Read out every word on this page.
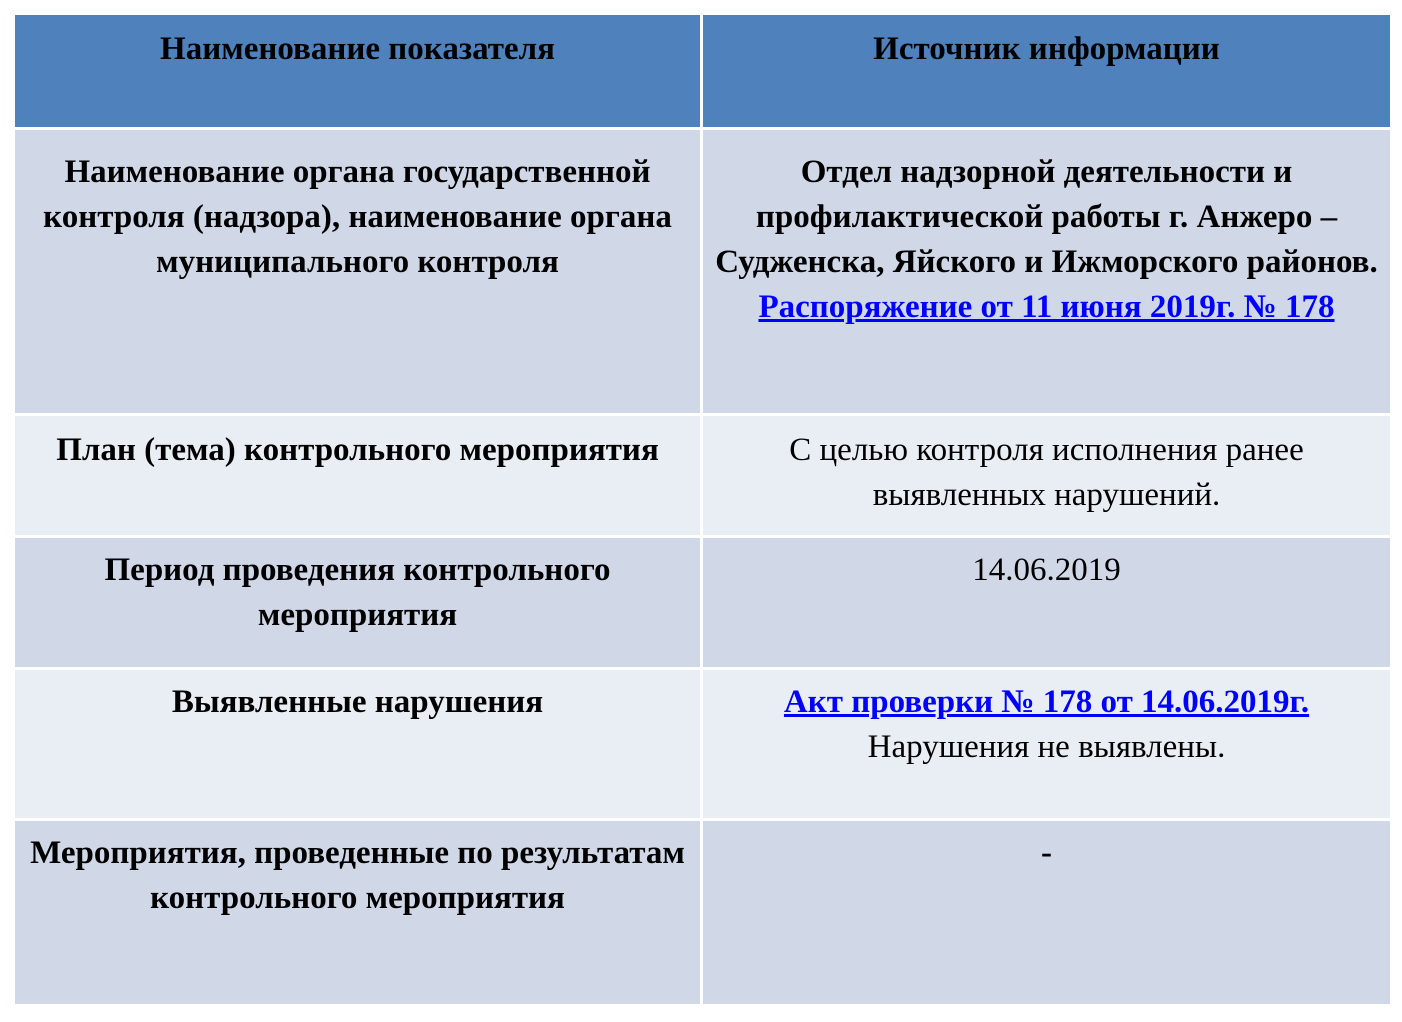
Наименование показателя	Источник информации
Наименование органа государственной контроля (надзора), наименование органа муниципального контроля	Отдел надзорной деятельности и профилактической работы г. Анжеро – Судженска, Яйского и Ижморского районов.
Распоряжение от 11 июня 2019г. № 178

План (тема) контрольного мероприятия	С целью контроля исполнения ранее выявленных нарушений.

Период проведения контрольного мероприятия	14.06.2019

Выявленные нарушения	Акт проверки № 178 от 14.06.2019г.
Нарушения не выявлены.

Мероприятия, проведенные по результатам контрольного мероприятия	-
